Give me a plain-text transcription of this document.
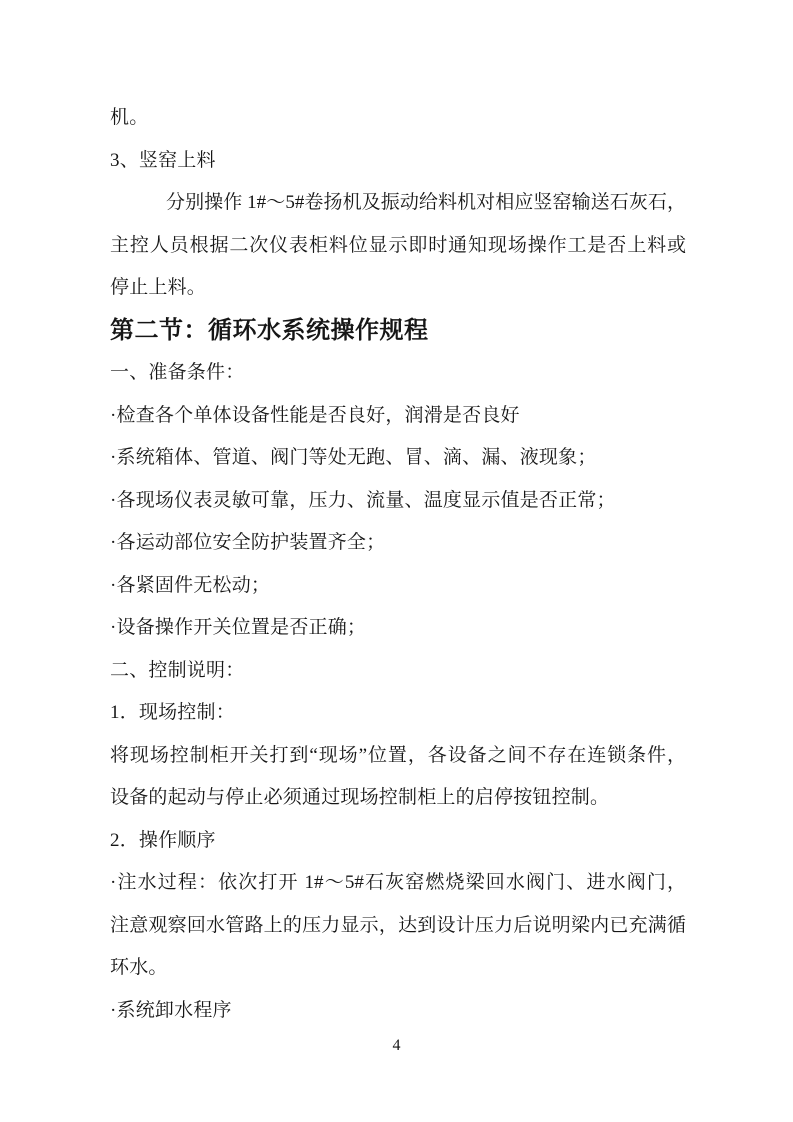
机。
3、竖窑上料
分别操作 1#～5#卷扬机及振动给料机对相应竖窑输送石灰石，
主控人员根据二次仪表柜料位显示即时通知现场操作工是否上料或
停止上料。
第二节：循环水系统操作规程
一、准备条件：
·检查各个单体设备性能是否良好，润滑是否良好
·系统箱体、管道、阀门等处无跑、冒、滴、漏、液现象；
·各现场仪表灵敏可靠，压力、流量、温度显示值是否正常；
·各运动部位安全防护装置齐全；
·各紧固件无松动；
·设备操作开关位置是否正确；
二、控制说明：
1．现场控制：
将现场控制柜开关打到“现场”位置，各设备之间不存在连锁条件，
设备的起动与停止必须通过现场控制柜上的启停按钮控制。
2．操作顺序
·注水过程：依次打开 1#～5#石灰窑燃烧梁回水阀门、进水阀门，
注意观察回水管路上的压力显示，达到设计压力后说明梁内已充满循
环水。
·系统卸水程序
4
